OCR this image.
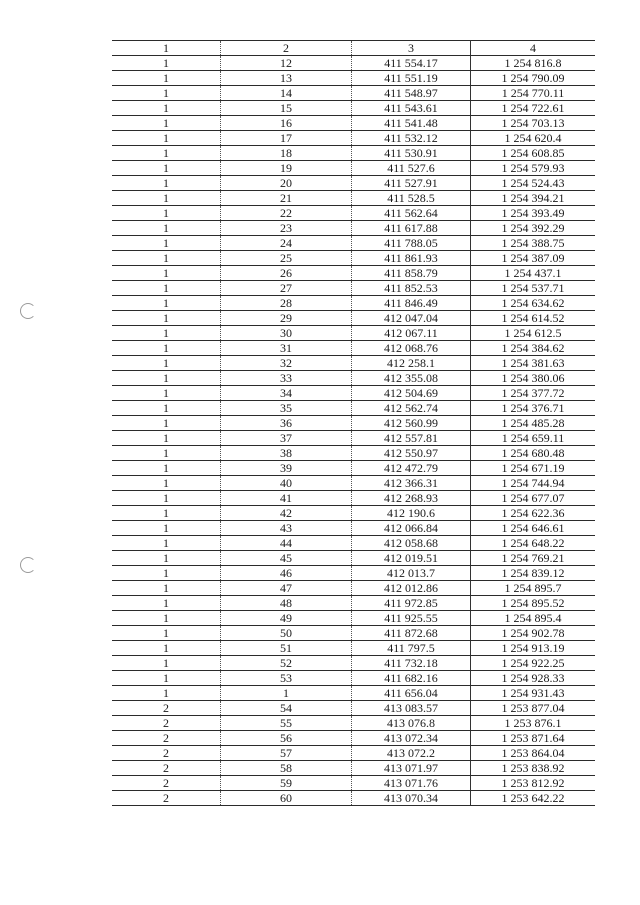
1	2	3	4
1	12	411 554.17	1 254 816.8
1	13	411 551.19	1 254 790.09
1	14	411 548.97	1 254 770.11
1	15	411 543.61	1 254 722.61
1	16	411 541.48	1 254 703.13
1	17	411 532.12	1 254 620.4
1	18	411 530.91	1 254 608.85
1	19	411 527.6	1 254 579.93
1	20	411 527.91	1 254 524.43
1	21	411 528.5	1 254 394.21
1	22	411 562.64	1 254 393.49
1	23	411 617.88	1 254 392.29
1	24	411 788.05	1 254 388.75
1	25	411 861.93	1 254 387.09
1	26	411 858.79	1 254 437.1
1	27	411 852.53	1 254 537.71
1	28	411 846.49	1 254 634.62
1	29	412 047.04	1 254 614.52
1	30	412 067.11	1 254 612.5
1	31	412 068.76	1 254 384.62
1	32	412 258.1	1 254 381.63
1	33	412 355.08	1 254 380.06
1	34	412 504.69	1 254 377.72
1	35	412 562.74	1 254 376.71
1	36	412 560.99	1 254 485.28
1	37	412 557.81	1 254 659.11
1	38	412 550.97	1 254 680.48
1	39	412 472.79	1 254 671.19
1	40	412 366.31	1 254 744.94
1	41	412 268.93	1 254 677.07
1	42	412 190.6	1 254 622.36
1	43	412 066.84	1 254 646.61
1	44	412 058.68	1 254 648.22
1	45	412 019.51	1 254 769.21
1	46	412 013.7	1 254 839.12
1	47	412 012.86	1 254 895.7
1	48	411 972.85	1 254 895.52
1	49	411 925.55	1 254 895.4
1	50	411 872.68	1 254 902.78
1	51	411 797.5	1 254 913.19
1	52	411 732.18	1 254 922.25
1	53	411 682.16	1 254 928.33
1	1	411 656.04	1 254 931.43
2	54	413 083.57	1 253 877.04
2	55	413 076.8	1 253 876.1
2	56	413 072.34	1 253 871.64
2	57	413 072.2	1 253 864.04
2	58	413 071.97	1 253 838.92
2	59	413 071.76	1 253 812.92
2	60	413 070.34	1 253 642.22
